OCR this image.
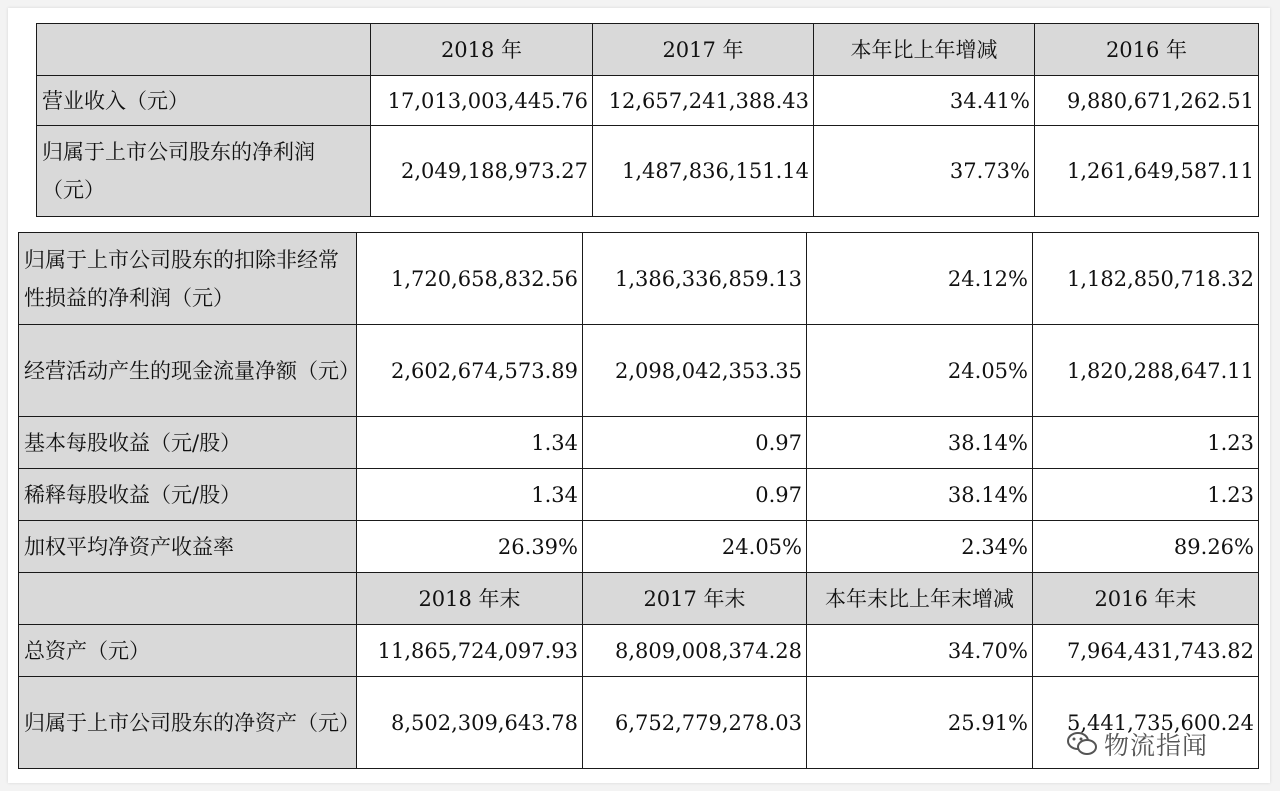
	2018 年	2017 年	本年比上年增减	2016 年
营业收入（元）	17,013,003,445.76	12,657,241,388.43	34.41%	9,880,671,262.51
归属于上市公司股东的净利润（元）	2,049,188,973.27	1,487,836,151.14	37.73%	1,261,649,587.11
归属于上市公司股东的扣除非经常性损益的净利润（元）	1,720,658,832.56	1,386,336,859.13	24.12%	1,182,850,718.32
经营活动产生的现金流量净额（元）	2,602,674,573.89	2,098,042,353.35	24.05%	1,820,288,647.11
基本每股收益（元/股）	1.34	0.97	38.14%	1.23
稀释每股收益（元/股）	1.34	0.97	38.14%	1.23
加权平均净资产收益率	26.39%	24.05%	2.34%	89.26%
	2018 年末	2017 年末	本年末比上年末增减	2016 年末
总资产（元）	11,865,724,097.93	8,809,008,374.28	34.70%	7,964,431,743.82
归属于上市公司股东的净资产（元）	8,502,309,643.78	6,752,779,278.03	25.91%	5,441,735,600.24
物流指闻
